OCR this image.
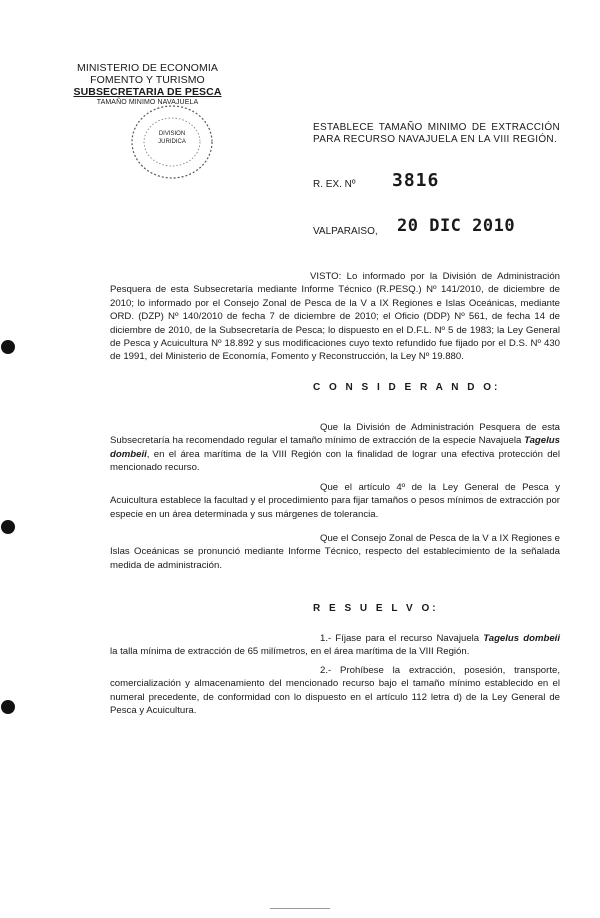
MINISTERIO DE ECONOMIA
FOMENTO Y TURISMO
SUBSECRETARIA DE PESCA
TAMAÑO MINIMO NAVAJUELA
DIVISION
JURIDICA
ESTABLECE TAMAÑO MINIMO DE EXTRACCIÓN PARA RECURSO NAVAJUELA EN LA VIII REGIÓN.
R. EX. Nº 3816
VALPARAISO, 20 DIC 2010
VISTO: Lo informado por la División de Administración Pesquera de esta Subsecretaría mediante Informe Técnico (R.PESQ.) Nº 141/2010, de diciembre de 2010; lo informado por el Consejo Zonal de Pesca de la V a IX Regiones e Islas Oceánicas, mediante ORD. (DZP) Nº 140/2010 de fecha 7 de diciembre de 2010; el Oficio (DDP) Nº 561, de fecha 14 de diciembre de 2010, de la Subsecretaría de Pesca; lo dispuesto en el D.F.L. Nº 5 de 1983; la Ley General de Pesca y Acuicultura Nº 18.892 y sus modificaciones cuyo texto refundido fue fijado por el D.S. Nº 430 de 1991, del Ministerio de Economía, Fomento y Reconstrucción, la Ley Nº 19.880.
C O N S I D E R A N D O:
Que la División de Administración Pesquera de esta Subsecretaría ha recomendado regular el tamaño mínimo de extracción de la especie Navajuela Tagelus dombeii, en el área marítima de la VIII Región con la finalidad de lograr una efectiva protección del mencionado recurso.
Que el artículo 4º de la Ley General de Pesca y Acuicultura establece la facultad y el procedimiento para fijar tamaños o pesos mínimos de extracción por especie en un área determinada y sus márgenes de tolerancia.
Que el Consejo Zonal de Pesca de la V a IX Regiones e Islas Oceánicas se pronunció mediante Informe Técnico, respecto del establecimiento de la señalada medida de administración.
R E S U E L V O:
1.- Fíjase para el recurso Navajuela Tagelus dombeii la talla mínima de extracción de 65 milímetros, en el área marítima de la VIII Región.
2.- Prohíbese la extracción, posesión, transporte, comercialización y almacenamiento del mencionado recurso bajo el tamaño mínimo establecido en el numeral precedente, de conformidad con lo dispuesto en el artículo 112 letra d) de la Ley General de Pesca y Acuicultura.
